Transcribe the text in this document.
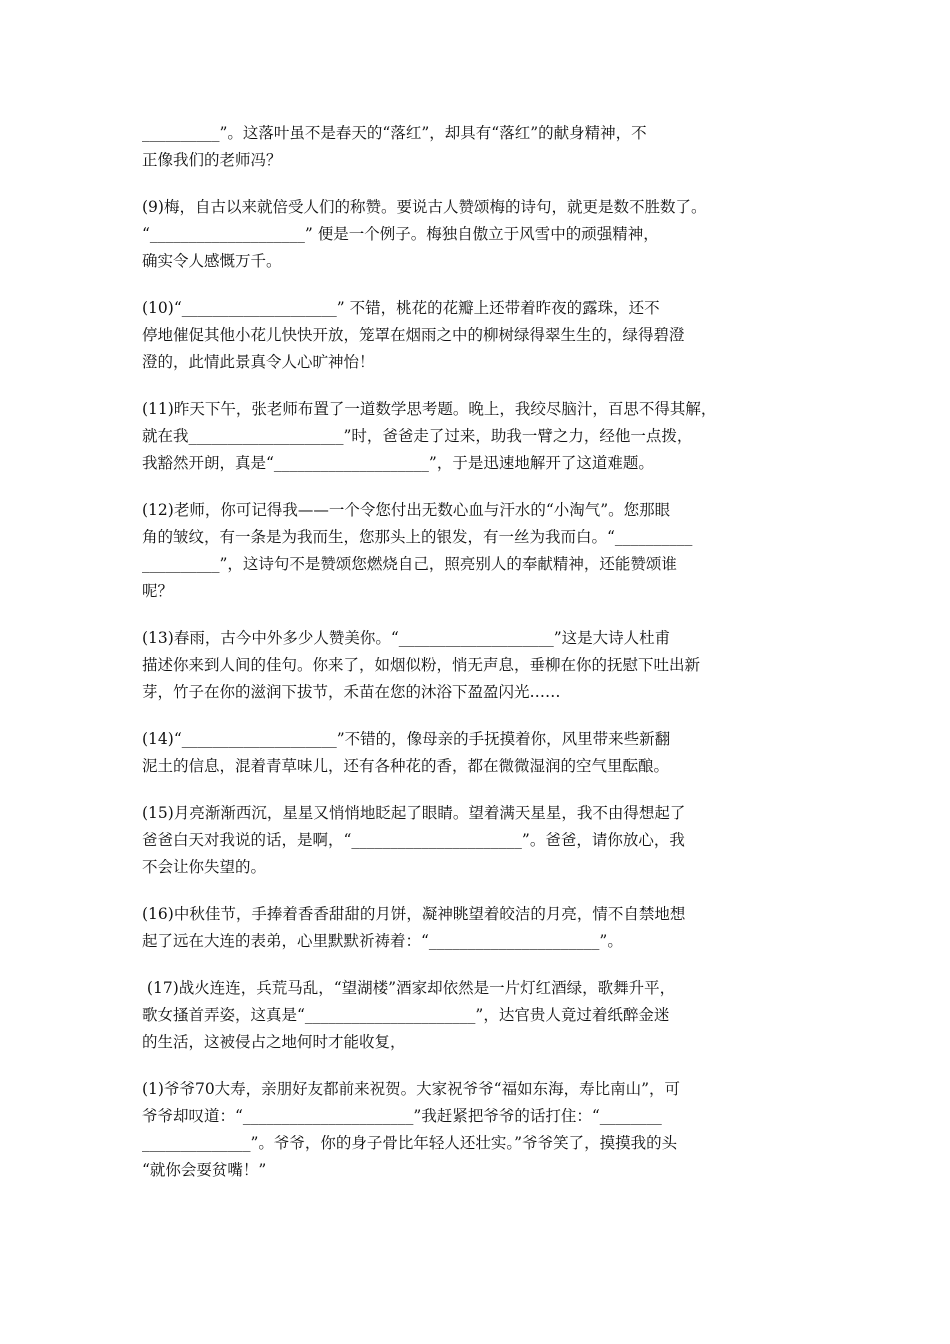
__________”。这落叶虽不是春天的“落红”，却具有“落红”的献身精神，不
正像我们的老师冯？
(9)梅，自古以来就倍受人们的称赞。要说古人赞颂梅的诗句，就更是数不胜数了。
“____________________” 便是一个例子。梅独自傲立于风雪中的顽强精神，
确实令人感慨万千。
(10)“____________________” 不错，桃花的花瓣上还带着昨夜的露珠，还不
停地催促其他小花儿快快开放，笼罩在烟雨之中的柳树绿得翠生生的，绿得碧澄
澄的，此情此景真令人心旷神怡！
(11)昨天下午，张老师布置了一道数学思考题。晚上，我绞尽脑汁，百思不得其解，
就在我____________________”时，爸爸走了过来，助我一臂之力，经他一点拨，
我豁然开朗，真是“____________________”，于是迅速地解开了这道难题。
(12)老师，你可记得我——一个令您付出无数心血与汗水的“小淘气”。您那眼
角的皱纹，有一条是为我而生，您那头上的银发，有一丝为我而白。“__________
__________”，这诗句不是赞颂您燃烧自己，照亮别人的奉献精神，还能赞颂谁
呢？
(13)春雨，古今中外多少人赞美你。“____________________”这是大诗人杜甫
描述你来到人间的佳句。你来了，如烟似粉，悄无声息，垂柳在你的抚慰下吐出新
芽，竹子在你的滋润下拔节，禾苗在您的沐浴下盈盈闪光……
(14)“____________________”不错的，像母亲的手抚摸着你，风里带来些新翻
泥土的信息，混着青草味儿，还有各种花的香，都在微微湿润的空气里酝酿。
(15)月亮渐渐西沉，星星又悄悄地眨起了眼睛。望着满天星星，我不由得想起了
爸爸白天对我说的话，是啊，“______________________”。爸爸，请你放心，我
不会让你失望的。
(16)中秋佳节，手捧着香香甜甜的月饼，凝神眺望着皎洁的月亮，情不自禁地想
起了远在大连的表弟，心里默默祈祷着：“______________________”。
(17)战火连连，兵荒马乱，“望湖楼”酒家却依然是一片灯红酒绿，歌舞升平，
歌女搔首弄姿，这真是“______________________”，达官贵人竟过着纸醉金迷
的生活，这被侵占之地何时才能收复，
(1)爷爷70大寿，亲朋好友都前来祝贺。大家祝爷爷“福如东海，寿比南山”，可
爷爷却叹道：“______________________”我赶紧把爷爷的话打住：“________
______________”。爷爷，你的身子骨比年轻人还壮实。”爷爷笑了，摸摸我的头
“就你会耍贫嘴！”
